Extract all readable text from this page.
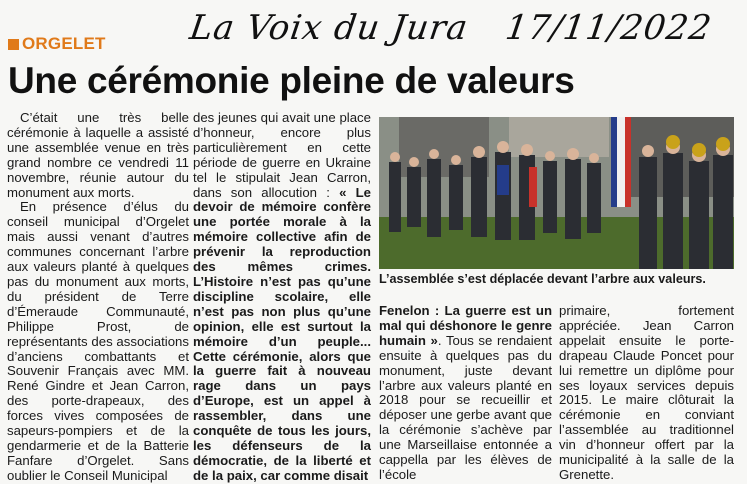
ORGELET La Voix du Jura 17/11/2022
Une cérémonie pleine de valeurs

C’était une très belle cérémonie à laquelle a assisté une assemblée venue en très grand nombre ce vendredi 11 novembre, réunie autour du monument aux morts.

En présence d’élus du conseil municipal d’Orgelet mais aussi venant d’autres communes concernant l’arbre aux valeurs planté à quelques pas du monument aux morts, du président de Terre d’Émeraude Communauté, Philippe Prost, de représentants des associations d’anciens combattants et Souvenir Français avec MM. René Gindre et Jean Carron, des porte-drapeaux, des forces vives composées de sapeurs-pompiers et de la gendarmerie et de la Batterie Fanfare d’Orgelet. Sans oublier le Conseil Municipal

des jeunes qui avait une place d’honneur, encore plus particulièrement en cette période de guerre en Ukraine tel le stipulait Jean Carron, dans son allocution : « Le devoir de mémoire confère une portée morale à la mémoire collective afin de prévenir la reproduction des mêmes crimes. L’Histoire n’est pas qu’une discipline scolaire, elle n’est pas non plus qu’une opinion, elle est surtout la mémoire d’un peuple... Cette cérémonie, alors que la guerre fait à nouveau rage dans un pays d’Europe, est un appel à rassembler, dans une conquête de tous les jours, les défenseurs de la démocratie, de la liberté et de la paix, car comme disait

L’assemblée s’est déplacée devant l’arbre aux valeurs.

Fenelon : La guerre est un mal qui déshonore le genre humain ». Tous se rendaient ensuite à quelques pas du monument, juste devant l’arbre aux valeurs planté en 2018 pour se recueillir et déposer une gerbe avant que la cérémonie s’achève par une Marseillaise entonnée a cappella par les élèves de l’école

primaire, fortement appréciée. Jean Carron appelait ensuite le porte-drapeau Claude Poncet pour lui remettre un diplôme pour ses loyaux services depuis 2015. Le maire clôturait la cérémonie en conviant l’assemblée au traditionnel vin d’honneur offert par la municipalité à la salle de la Grenette.
